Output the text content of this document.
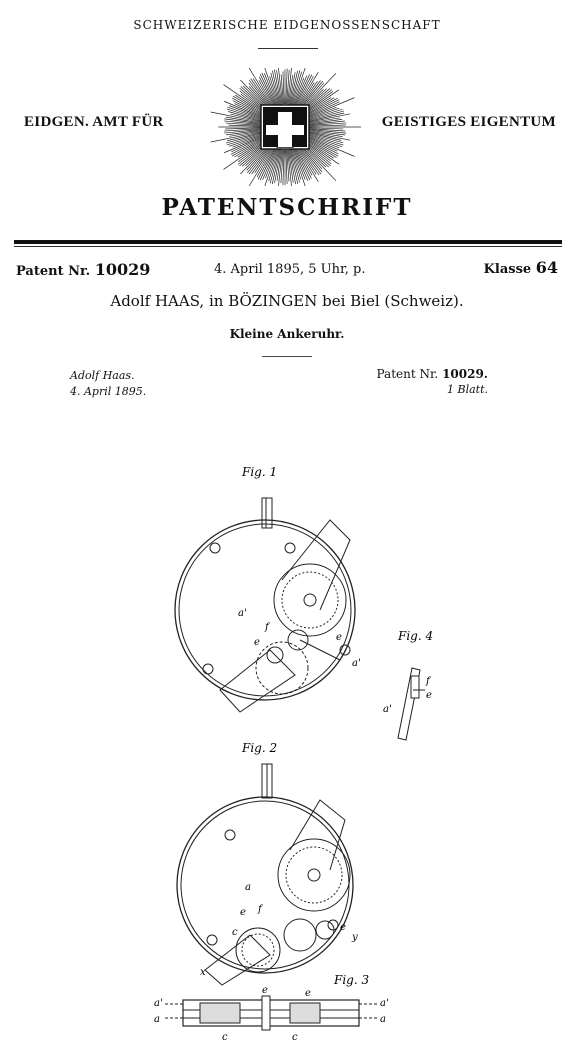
SCHWEIZERISCHE EIDGENOSSENSCHAFT
EIDGEN. AMT FÜR	GEISTIGES EIGENTUM
PATENTSCHRIFT
Patent Nr. 10029	4. April 1895, 5 Uhr, p.	Klasse 64
Adolf HAAS, in BÖZINGEN bei Biel (Schweiz).
Kleine Ankeruhr.
Adolf Haas.
4. April 1895.
Patent Nr. 10029.
1 Blatt.
Fig. 1
Fig. 4
Fig. 2
Fig. 3
a'
e
f
e
a'
a'
f
e
a
e f
c	e
y
x
a'
a
a'
a
e	e
c	c
